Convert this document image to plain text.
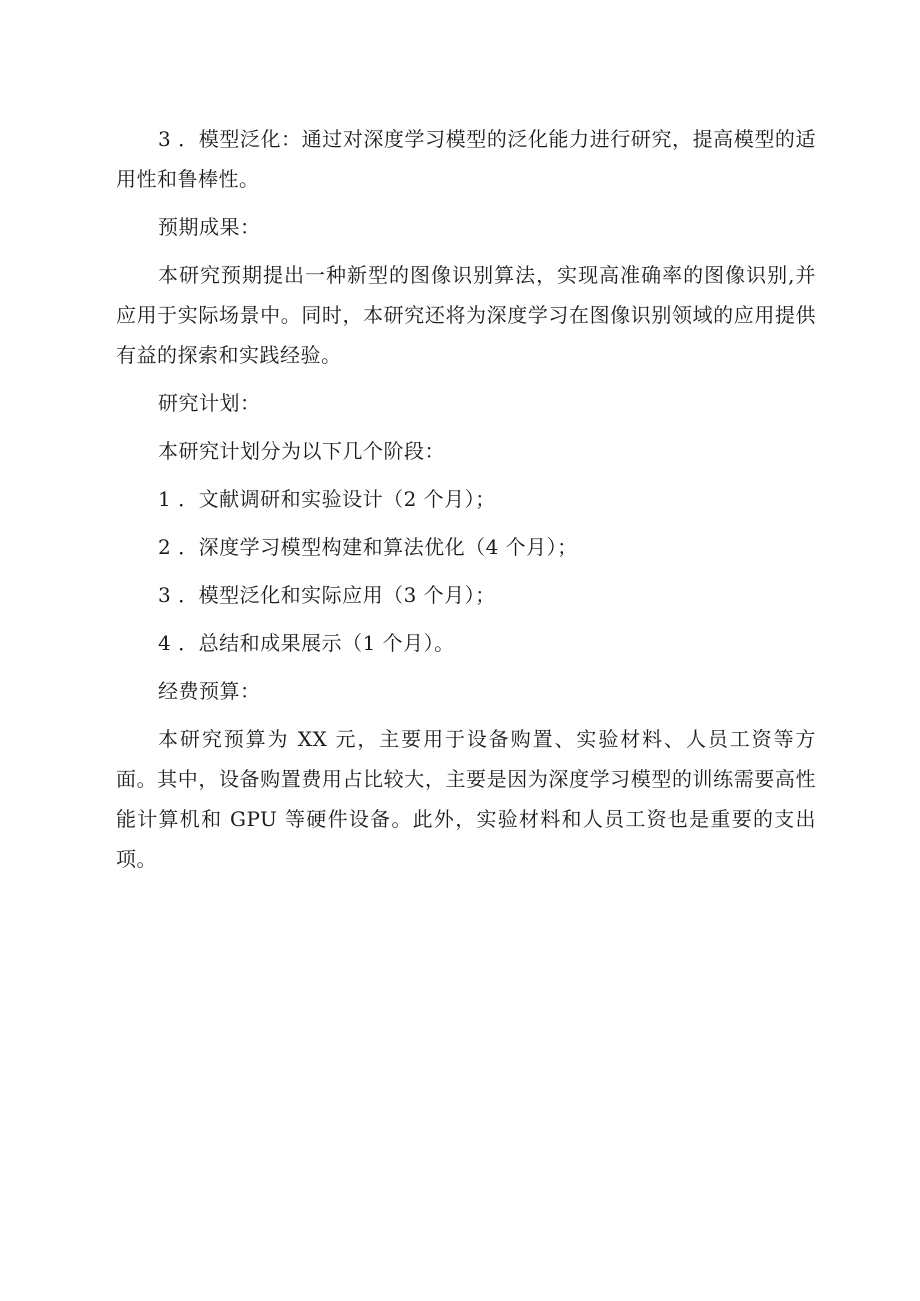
3 ．模型泛化：通过对深度学习模型的泛化能力进行研究，提高模型的适用性和鲁棒性。

预期成果：

本研究预期提出一种新型的图像识别算法，实现高准确率的图像识别,并应用于实际场景中。同时，本研究还将为深度学习在图像识别领域的应用提供有益的探索和实践经验。

研究计划：

本研究计划分为以下几个阶段：

1 ．文献调研和实验设计（2 个月）；

2 ．深度学习模型构建和算法优化（4 个月）；

3 ．模型泛化和实际应用（3 个月）；

4 ．总结和成果展示（1 个月）。

经费预算：

本研究预算为 XX 元，主要用于设备购置、实验材料、人员工资等方面。其中，设备购置费用占比较大，主要是因为深度学习模型的训练需要高性能计算机和 GPU 等硬件设备。此外，实验材料和人员工资也是重要的支出项。
